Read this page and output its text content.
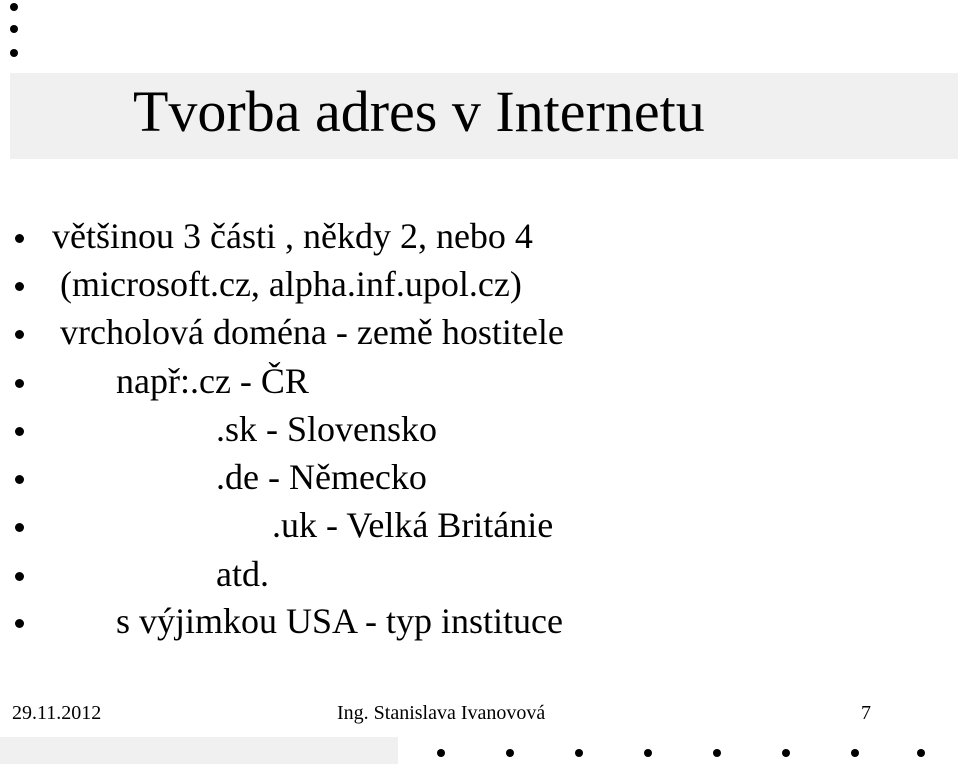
Tvorba adres v Internetu
většinou 3 části , někdy 2, nebo 4
(microsoft.cz, alpha.inf.upol.cz)
vrcholová doména - země hostitele
např:.cz - ČR
.sk - Slovensko
.de - Německo
.uk - Velká Británie
atd.
s výjimkou USA - typ instituce
29.11.2012	Ing. Stanislava Ivanovová	7
